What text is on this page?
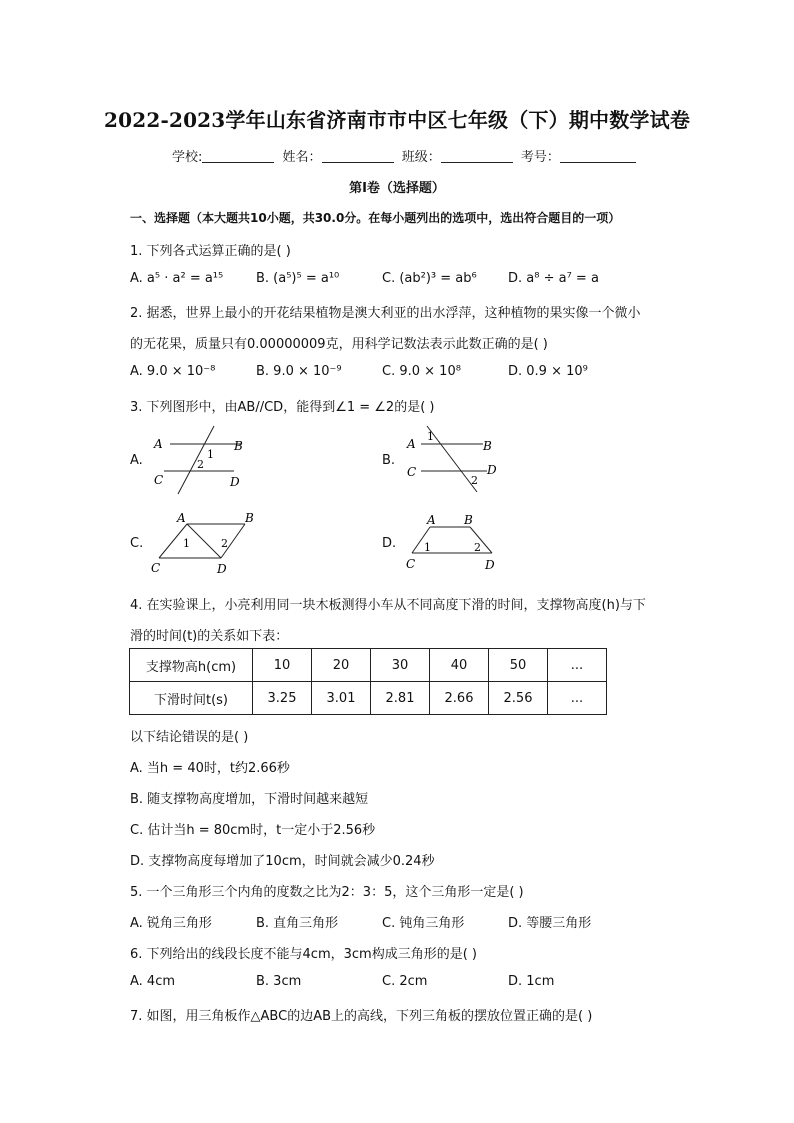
2022-2023学年山东省济南市市中区七年级（下）期中数学试卷
学校:	姓名：	班级：	考号：
第I卷（选择题）
一、选择题（本大题共10小题，共30.0分。在每小题列出的选项中，选出符合题目的一项）
1. 下列各式运算正确的是( )
A. a⁵ · a² = a¹⁵	B. (a⁵)⁵ = a¹⁰	C. (ab²)³ = ab⁶ D. a⁸ ÷ a⁷ = a
2. 据悉，世界上最小的开花结果植物是澳大利亚的出水浮萍，这种植物的果实像一个微小
的无花果，质量只有0.0000000​9克，用科学记数法表示此数正确的是( )
A. 9.0 × 10⁻⁸	B. 9.0 × 10⁻⁹	C. 9.0 × 10⁸	D. 0.9 × 10⁹
3. 下列图形中，由AB//CD，能得到∠1 = ∠2的是( )
A.
A	B
C	D
1
2	B.
A	B
C	D
1
2
C.
A	B
C	D
1	2	D.
A B
C	D
1	2
4. 在实验课上，小亮利用同一块木板测得小车从不同高度下滑的时间，支撑物高度(h)与下
滑的时间(t)的关系如下表：
支撑物高h(cm)	10	20	30	40	50	...
下滑时间t(s)	3.25	3.01	2.81	2.66	2.56	...
以下结论错误的是( )
A. 当h = 40时，t约2.66秒
B. 随支撑物高度增加，下滑时间越来越短
C. 估计当h = 80cm时，t一定小于2.56秒
D. 支撑物高度每增加了10cm，时间就会减少0.24秒
5. 一个三角形三个内角的度数之比为2：3：5，这个三角形一定是( )
A. 锐角三角形	B. 直角三角形	C. 钝角三角形	D. 等腰三角形
6. 下列给出的线段长度不能与4cm，3cm构成三角形的是( )
A. 4cm	B. 3cm	C. 2cm	D. 1cm
7. 如图，用三角板作△ABC的边AB上的高线，下列三角板的摆放位置正确的是( )
